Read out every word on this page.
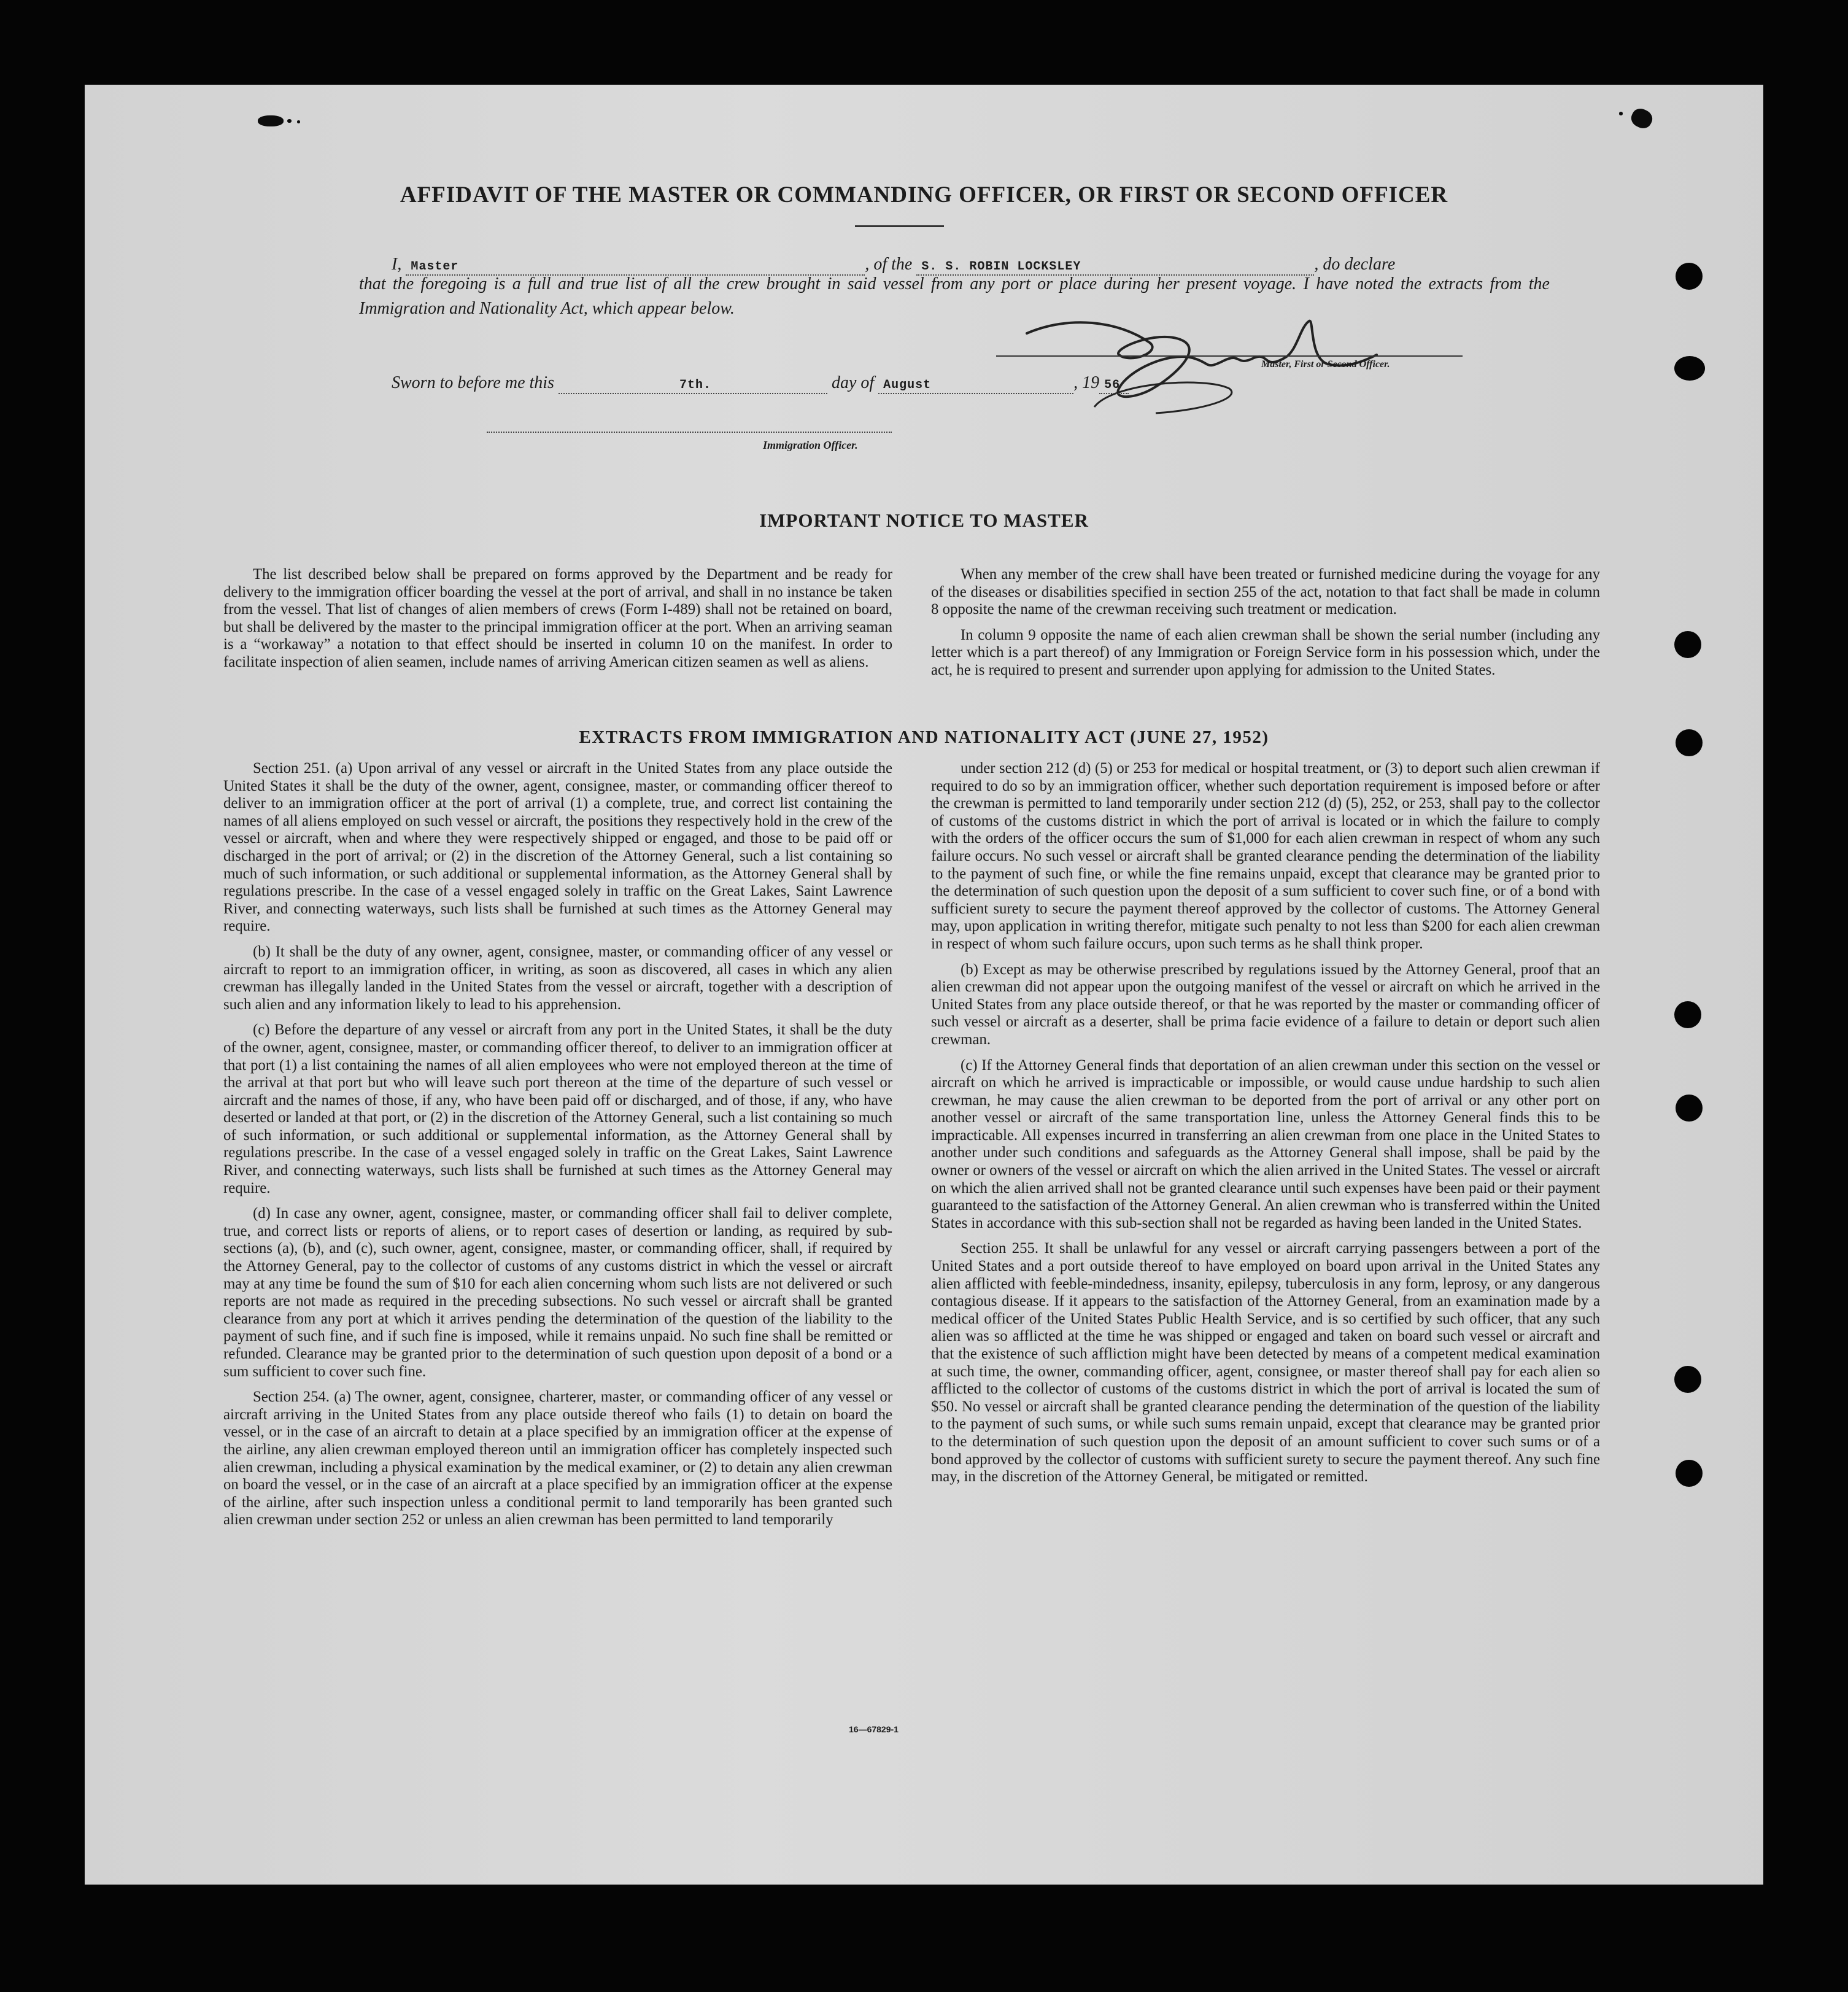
AFFIDAVIT OF THE MASTER OR COMMANDING OFFICER, OR FIRST OR SECOND OFFICER
I, Master	, of the S. S. ROBIN LOCKSLEY	, do declare
that the foregoing is a full and true list of all the crew brought in said vessel from any port or place during her present voyage. I have noted the extracts from the Immigration and Nationality Act, which appear below.
Master, First or Second Officer.
Sworn to before me this	7th.	day of August	, 19 56
Immigration Officer.
IMPORTANT NOTICE TO MASTER

The list described below shall be prepared on forms approved by the Department and be ready for delivery to the immigration officer boarding the vessel at the port of arrival, and shall in no instance be taken from the vessel. That list of changes of alien members of crews (Form I-489) shall not be retained on board, but shall be delivered by the master to the principal immigration officer at the port. When an arriving seaman is a “workaway” a notation to that effect should be inserted in column 10 on the manifest. In order to facilitate inspection of alien seamen, include names of arriving American citizen seamen as well as aliens.

When any member of the crew shall have been treated or furnished medicine during the voyage for any of the diseases or disabilities specified in section 255 of the act, notation to that fact shall be made in column 8 opposite the name of the crewman receiving such treatment or medication.

In column 9 opposite the name of each alien crewman shall be shown the serial number (including any letter which is a part thereof) of any Immigration or Foreign Service form in his possession which, under the act, he is required to present and surrender upon applying for admission to the United States.

EXTRACTS FROM IMMIGRATION AND NATIONALITY ACT (JUNE 27, 1952)

Section 251. (a) Upon arrival of any vessel or aircraft in the United States from any place outside the United States it shall be the duty of the owner, agent, consignee, master, or commanding officer thereof to deliver to an immigration officer at the port of arrival (1) a complete, true, and correct list containing the names of all aliens employed on such vessel or aircraft, the positions they respectively hold in the crew of the vessel or aircraft, when and where they were respectively shipped or engaged, and those to be paid off or discharged in the port of arrival; or (2) in the discretion of the Attorney General, such a list containing so much of such information, or such additional or supplemental information, as the Attorney General shall by regulations prescribe. In the case of a vessel engaged solely in traffic on the Great Lakes, Saint Lawrence River, and connecting waterways, such lists shall be furnished at such times as the Attorney General may require.

(b) It shall be the duty of any owner, agent, consignee, master, or commanding officer of any vessel or aircraft to report to an immigration officer, in writing, as soon as discovered, all cases in which any alien crewman has illegally landed in the United States from the vessel or aircraft, together with a description of such alien and any information likely to lead to his apprehension.

(c) Before the departure of any vessel or aircraft from any port in the United States, it shall be the duty of the owner, agent, consignee, master, or commanding officer thereof, to deliver to an immigration officer at that port (1) a list containing the names of all alien employees who were not employed thereon at the time of the arrival at that port but who will leave such port thereon at the time of the departure of such vessel or aircraft and the names of those, if any, who have been paid off or discharged, and of those, if any, who have deserted or landed at that port, or (2) in the discretion of the Attorney General, such a list containing so much of such information, or such additional or supplemental information, as the Attorney General shall by regulations prescribe. In the case of a vessel engaged solely in traffic on the Great Lakes, Saint Lawrence River, and connecting waterways, such lists shall be furnished at such times as the Attorney General may require.

(d) In case any owner, agent, consignee, master, or commanding officer shall fail to deliver complete, true, and correct lists or reports of aliens, or to report cases of desertion or landing, as required by sub-sections (a), (b), and (c), such owner, agent, consignee, master, or commanding officer, shall, if required by the Attorney General, pay to the collector of customs of any customs district in which the vessel or aircraft may at any time be found the sum of $10 for each alien concerning whom such lists are not delivered or such reports are not made as required in the preceding subsections. No such vessel or aircraft shall be granted clearance from any port at which it arrives pending the determination of the question of the liability to the payment of such fine, and if such fine is imposed, while it remains unpaid. No such fine shall be remitted or refunded. Clearance may be granted prior to the determination of such question upon deposit of a bond or a sum sufficient to cover such fine.

Section 254. (a) The owner, agent, consignee, charterer, master, or commanding officer of any vessel or aircraft arriving in the United States from any place outside thereof who fails (1) to detain on board the vessel, or in the case of an aircraft to detain at a place specified by an immigration officer at the expense of the airline, any alien crewman employed thereon until an immigration officer has completely inspected such alien crewman, including a physical examination by the medical examiner, or (2) to detain any alien crewman on board the vessel, or in the case of an aircraft at a place specified by an immigration officer at the expense of the airline, after such inspection unless a conditional permit to land temporarily has been granted such alien crewman under section 252 or unless an alien crewman has been permitted to land temporarily

under section 212 (d) (5) or 253 for medical or hospital treatment, or (3) to deport such alien crewman if required to do so by an immigration officer, whether such deportation requirement is imposed before or after the crewman is permitted to land temporarily under section 212 (d) (5), 252, or 253, shall pay to the collector of customs of the customs district in which the port of arrival is located or in which the failure to comply with the orders of the officer occurs the sum of $1,000 for each alien crewman in respect of whom any such failure occurs. No such vessel or aircraft shall be granted clearance pending the determination of the liability to the payment of such fine, or while the fine remains unpaid, except that clearance may be granted prior to the determination of such question upon the deposit of a sum sufficient to cover such fine, or of a bond with sufficient surety to secure the payment thereof approved by the collector of customs. The Attorney General may, upon application in writing therefor, mitigate such penalty to not less than $200 for each alien crewman in respect of whom such failure occurs, upon such terms as he shall think proper.

(b) Except as may be otherwise prescribed by regulations issued by the Attorney General, proof that an alien crewman did not appear upon the outgoing manifest of the vessel or aircraft on which he arrived in the United States from any place outside thereof, or that he was reported by the master or commanding officer of such vessel or aircraft as a deserter, shall be prima facie evidence of a failure to detain or deport such alien crewman.

(c) If the Attorney General finds that deportation of an alien crewman under this section on the vessel or aircraft on which he arrived is impracticable or impossible, or would cause undue hardship to such alien crewman, he may cause the alien crewman to be deported from the port of arrival or any other port on another vessel or aircraft of the same transportation line, unless the Attorney General finds this to be impracticable. All expenses incurred in transferring an alien crewman from one place in the United States to another under such conditions and safeguards as the Attorney General shall impose, shall be paid by the owner or owners of the vessel or aircraft on which the alien arrived in the United States. The vessel or aircraft on which the alien arrived shall not be granted clearance until such expenses have been paid or their payment guaranteed to the satisfaction of the Attorney General. An alien crewman who is transferred within the United States in accordance with this sub-section shall not be regarded as having been landed in the United States.

Section 255. It shall be unlawful for any vessel or aircraft carrying passengers between a port of the United States and a port outside thereof to have employed on board upon arrival in the United States any alien afflicted with feeble-mindedness, insanity, epilepsy, tuberculosis in any form, leprosy, or any dangerous contagious disease. If it appears to the satisfaction of the Attorney General, from an examination made by a medical officer of the United States Public Health Service, and is so certified by such officer, that any such alien was so afflicted at the time he was shipped or engaged and taken on board such vessel or aircraft and that the existence of such affliction might have been detected by means of a competent medical examination at such time, the owner, commanding officer, agent, consignee, or master thereof shall pay for each alien so afflicted to the collector of customs of the customs district in which the port of arrival is located the sum of $50. No vessel or aircraft shall be granted clearance pending the determination of the question of the liability to the payment of such sums, or while such sums remain unpaid, except that clearance may be granted prior to the determination of such question upon the deposit of an amount sufficient to cover such sums or of a bond approved by the collector of customs with sufficient surety to secure the payment thereof. Any such fine may, in the discretion of the Attorney General, be mitigated or remitted.

16—67829-1
